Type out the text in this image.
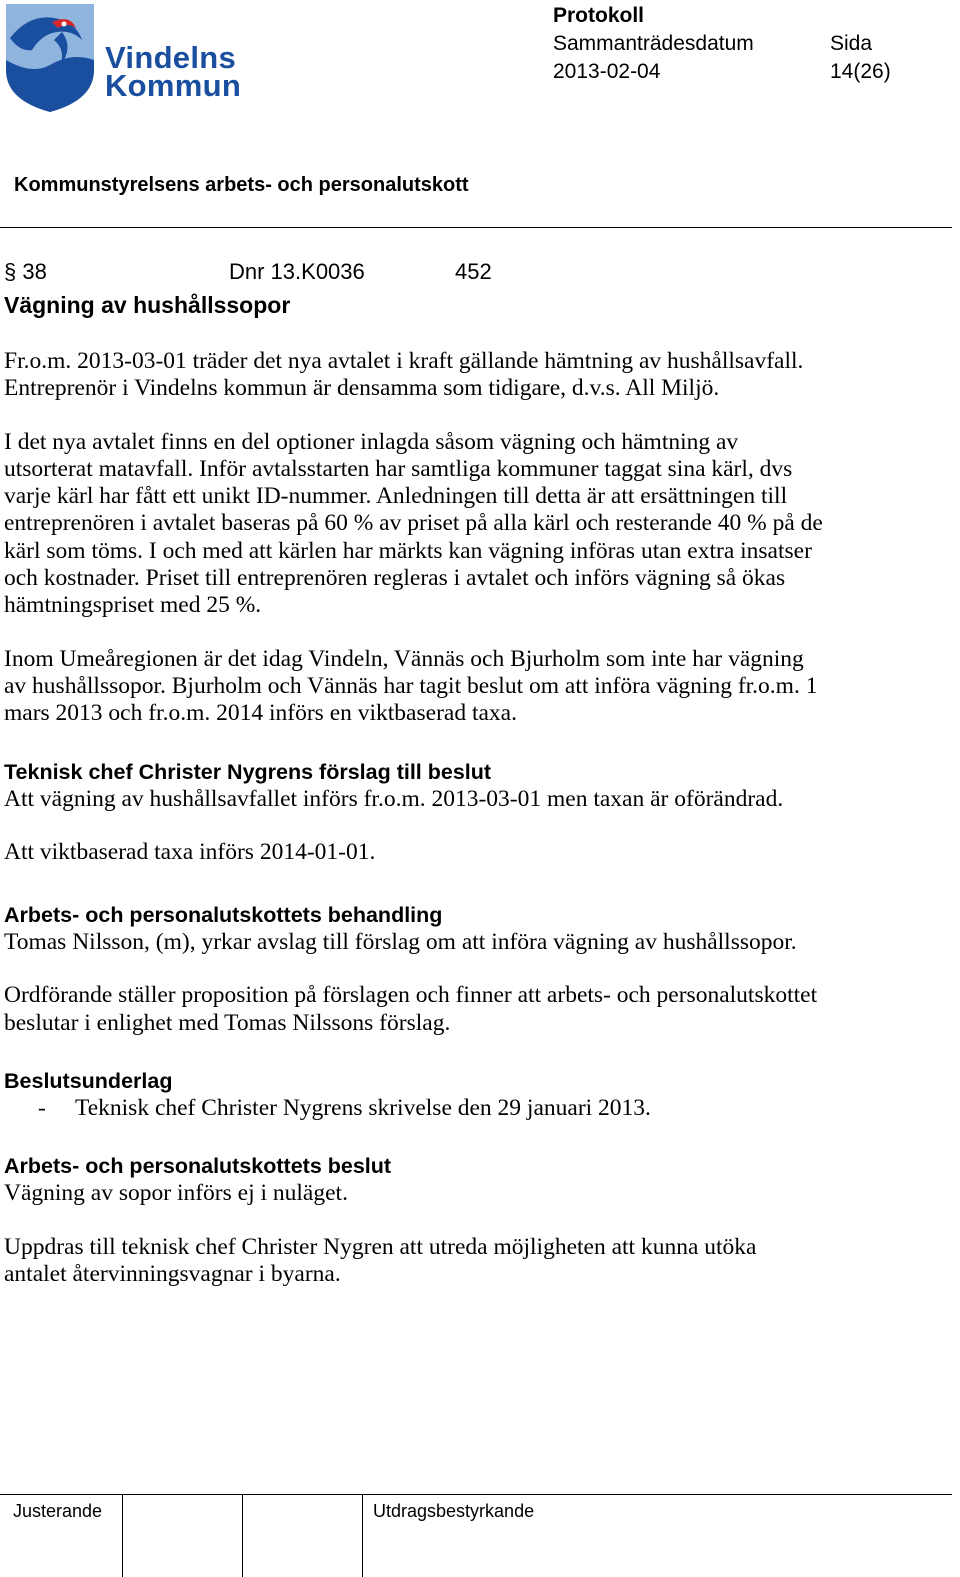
Vindelns
Kommun
Protokoll
Sammanträdesdatum
2013-02-04
Sida
14(26)
Kommunstyrelsens arbets- och personalutskott
§ 38	Dnr 13.K0036	452
Vägning av hushållssopor

Fr.o.m. 2013-03-01 träder det nya avtalet i kraft gällande hämtning av hushållsavfall. Entreprenör i Vindelns kommun är densamma som tidigare, d.v.s. All Miljö.

I det nya avtalet finns en del optioner inlagda såsom vägning och hämtning av utsorterat matavfall. Inför avtalsstarten har samtliga kommuner taggat sina kärl, dvs varje kärl har fått ett unikt ID-nummer. Anledningen till detta är att ersättningen till entreprenören i avtalet baseras på 60 % av priset på alla kärl och resterande 40 % på de kärl som töms. I och med att kärlen har märkts kan vägning införas utan extra insatser och kostnader. Priset till entreprenören regleras i avtalet och införs vägning så ökas hämtningspriset med 25 %.

Inom Umeåregionen är det idag Vindeln, Vännäs och Bjurholm som inte har vägning av hushållssopor. Bjurholm och Vännäs har tagit beslut om att införa vägning fr.o.m. 1 mars 2013 och fr.o.m. 2014 införs en viktbaserad taxa.

Teknisk chef Christer Nygrens förslag till beslut

Att vägning av hushållsavfallet införs fr.o.m. 2013-03-01 men taxan är oförändrad.

Att viktbaserad taxa införs 2014-01-01.

Arbets- och personalutskottets behandling

Tomas Nilsson, (m), yrkar avslag till förslag om att införa vägning av hushållssopor.

Ordförande ställer proposition på förslagen och finner att arbets- och personalutskottet beslutar i enlighet med Tomas Nilssons förslag.

Beslutsunderlag
-	Teknisk chef Christer Nygrens skrivelse den 29 januari 2013.
Arbets- och personalutskottets beslut

Vägning av sopor införs ej i nuläget.

Uppdras till teknisk chef Christer Nygren att utreda möjligheten att kunna utöka antalet återvinningsvagnar i byarna.

Justerande	Utdragsbestyrkande
